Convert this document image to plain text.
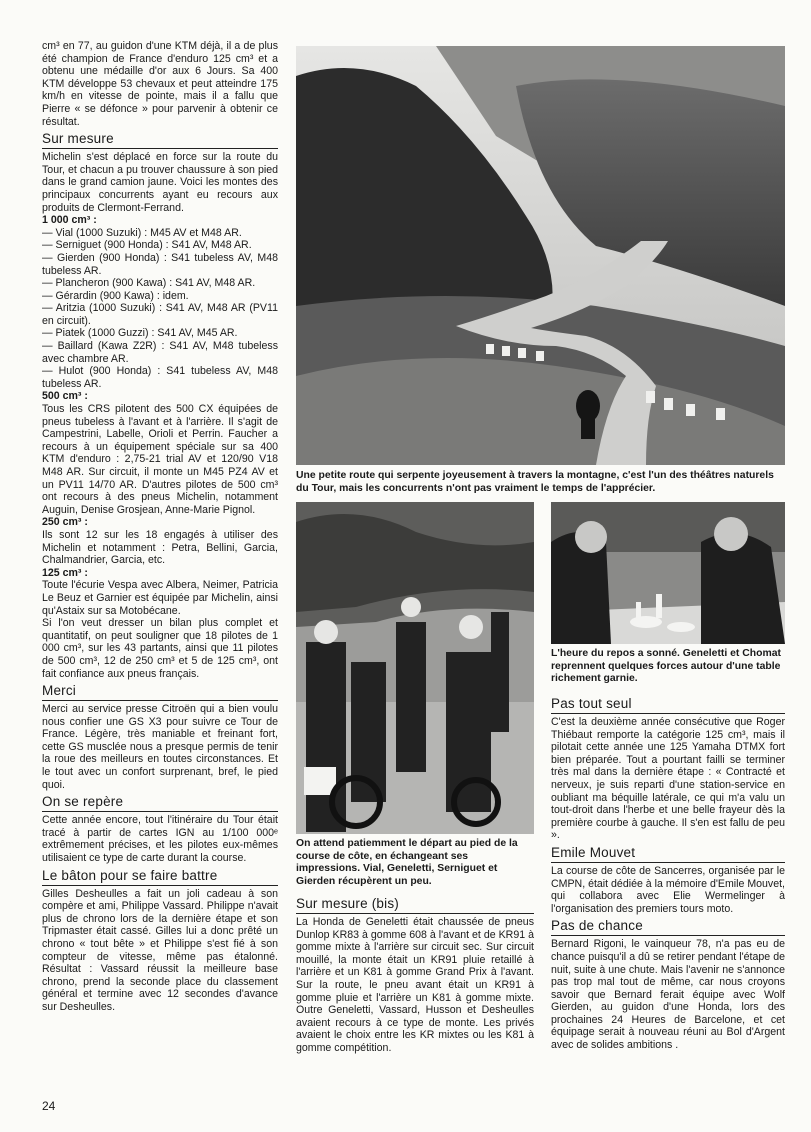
cm³ en 77, au guidon d'une KTM déjà, il a de plus été champion de France d'enduro 125 cm³ et a obtenu une médaille d'or aux 6 Jours. Sa 400 KTM développe 53 chevaux et peut atteindre 175 km/h en vitesse de pointe, mais il a fallu que Pierre « se défonce » pour parvenir à obtenir ce résultat.

Sur mesure

Michelin s'est déplacé en force sur la route du Tour, et chacun a pu trouver chaussure à son pied dans le grand camion jaune. Voici les montes des principaux concurrents ayant eu recours aux produits de Clermont-Ferrand.

1 000 cm³ :

— Vial (1000 Suzuki) : M45 AV et M48 AR.

— Serniguet (900 Honda) : S41 AV, M48 AR.

— Gierden (900 Honda) : S41 tubeless AV, M48 tubeless AR.

— Plancheron (900 Kawa) : S41 AV, M48 AR.

— Gérardin (900 Kawa) : idem.

— Aritzia (1000 Suzuki) : S41 AV, M48 AR (PV11 en circuit).

— Piatek (1000 Guzzi) : S41 AV, M45 AR.

— Baillard (Kawa Z2R) : S41 AV, M48 tubeless avec chambre AR.

— Hulot (900 Honda) : S41 tubeless AV, M48 tubeless AR.

500 cm³ :

Tous les CRS pilotent des 500 CX équipées de pneus tubeless à l'avant et à l'arrière. Il s'agit de Campestrini, Labelle, Orioli et Perrin. Faucher a recours à un équipement spéciale sur sa 400 KTM d'enduro : 2,75-21 trial AV et 120/90 V18 M48 AR. Sur circuit, il monte un M45 PZ4 AV et un PV11 14/70 AR. D'autres pilotes de 500 cm³ ont recours à des pneus Michelin, notamment Auguin, Denise Grosjean, Anne-Marie Pignol.

250 cm³ :

Ils sont 12 sur les 18 engagés à utiliser des Michelin et notamment : Petra, Bellini, Garcia, Chalmandrier, Garcia, etc.

125 cm³ :

Toute l'écurie Vespa avec Albera, Neimer, Patricia Le Beuz et Garnier est équipée par Michelin, ainsi qu'Astaix sur sa Motobécane.

Si l'on veut dresser un bilan plus complet et quantitatif, on peut souligner que 18 pilotes de 1 000 cm³, sur les 43 partants, ainsi que 11 pilotes de 500 cm³, 12 de 250 cm³ et 5 de 125 cm³, ont fait confiance aux pneus français.

Merci

Merci au service presse Citroën qui a bien voulu nous confier une GS X3 pour suivre ce Tour de France. Légère, très maniable et freinant fort, cette GS musclée nous a presque permis de tenir la roue des meilleurs en toutes circonstances. Et le tout avec un confort surprenant, bref, le pied quoi.

On se repère

Cette année encore, tout l'itinéraire du Tour était tracé à partir de cartes IGN au 1/100 000ᵉ extrêmement précises, et les pilotes eux-mêmes utilisaient ce type de carte durant la course.

Le bâton pour se faire battre

Gilles Desheulles a fait un joli cadeau à son compère et ami, Philippe Vassard. Philippe n'avait plus de chrono lors de la dernière étape et son Tripmaster était cassé. Gilles lui a donc prêté un chrono « tout bête » et Philippe s'est fié à son compteur de vitesse, même pas étalonné. Résultat : Vassard réussit la meilleure base chrono, prend la seconde place du classement général et termine avec 12 secondes d'avance sur Desheulles.

Une petite route qui serpente joyeusement à travers la montagne, c'est l'un des théâtres naturels du Tour, mais les concurrents n'ont pas vraiment le temps de l'apprécier.
On attend patiemment le départ au pied de la course de côte, en échangeant ses impressions. Vial, Geneletti, Serniguet et Gierden récupèrent un peu.
Sur mesure (bis)

La Honda de Geneletti était chaussée de pneus Dunlop KR83 à gomme 608 à l'avant et de KR91 à gomme mixte à l'arrière sur circuit sec. Sur circuit mouillé, la monte était un KR91 pluie retaillé à l'arrière et un K81 à gomme Grand Prix à l'avant. Sur la route, le pneu avant était un KR91 à gomme pluie et l'arrière un K81 à gomme mixte. Outre Geneletti, Vassard, Husson et Desheulles avaient recours à ce type de monte. Les privés avaient le choix entre les KR mixtes ou les K81 à gomme compétition.

L'heure du repos a sonné. Geneletti et Chomat reprennent quelques forces autour d'une table richement garnie.
Pas tout seul

C'est la deuxième année consécutive que Roger Thiébaut remporte la catégorie 125 cm³, mais il pilotait cette année une 125 Yamaha DTMX fort bien préparée. Tout a pourtant failli se terminer très mal dans la dernière étape : « Contracté et nerveux, je suis reparti d'une station-service en oubliant ma béquille latérale, ce qui m'a valu un tout-droit dans l'herbe et une belle frayeur dès la première courbe à gauche. Il s'en est fallu de peu ».

Emile Mouvet

La course de côte de Sancerres, organisée par le CMPN, était dédiée à la mémoire d'Emile Mouvet, qui collabora avec Elie Wermelinger à l'organisation des premiers tours moto.

Pas de chance

Bernard Rigoni, le vainqueur 78, n'a pas eu de chance puisqu'il a dû se retirer pendant l'étape de nuit, suite à une chute. Mais l'avenir ne s'annonce pas trop mal tout de même, car nous croyons savoir que Bernard ferait équipe avec Wolf Gierden, au guidon d'une Honda, lors des prochaines 24 Heures de Barcelone, et cet équipage serait à nouveau réuni au Bol d'Argent avec de solides ambitions .

24
